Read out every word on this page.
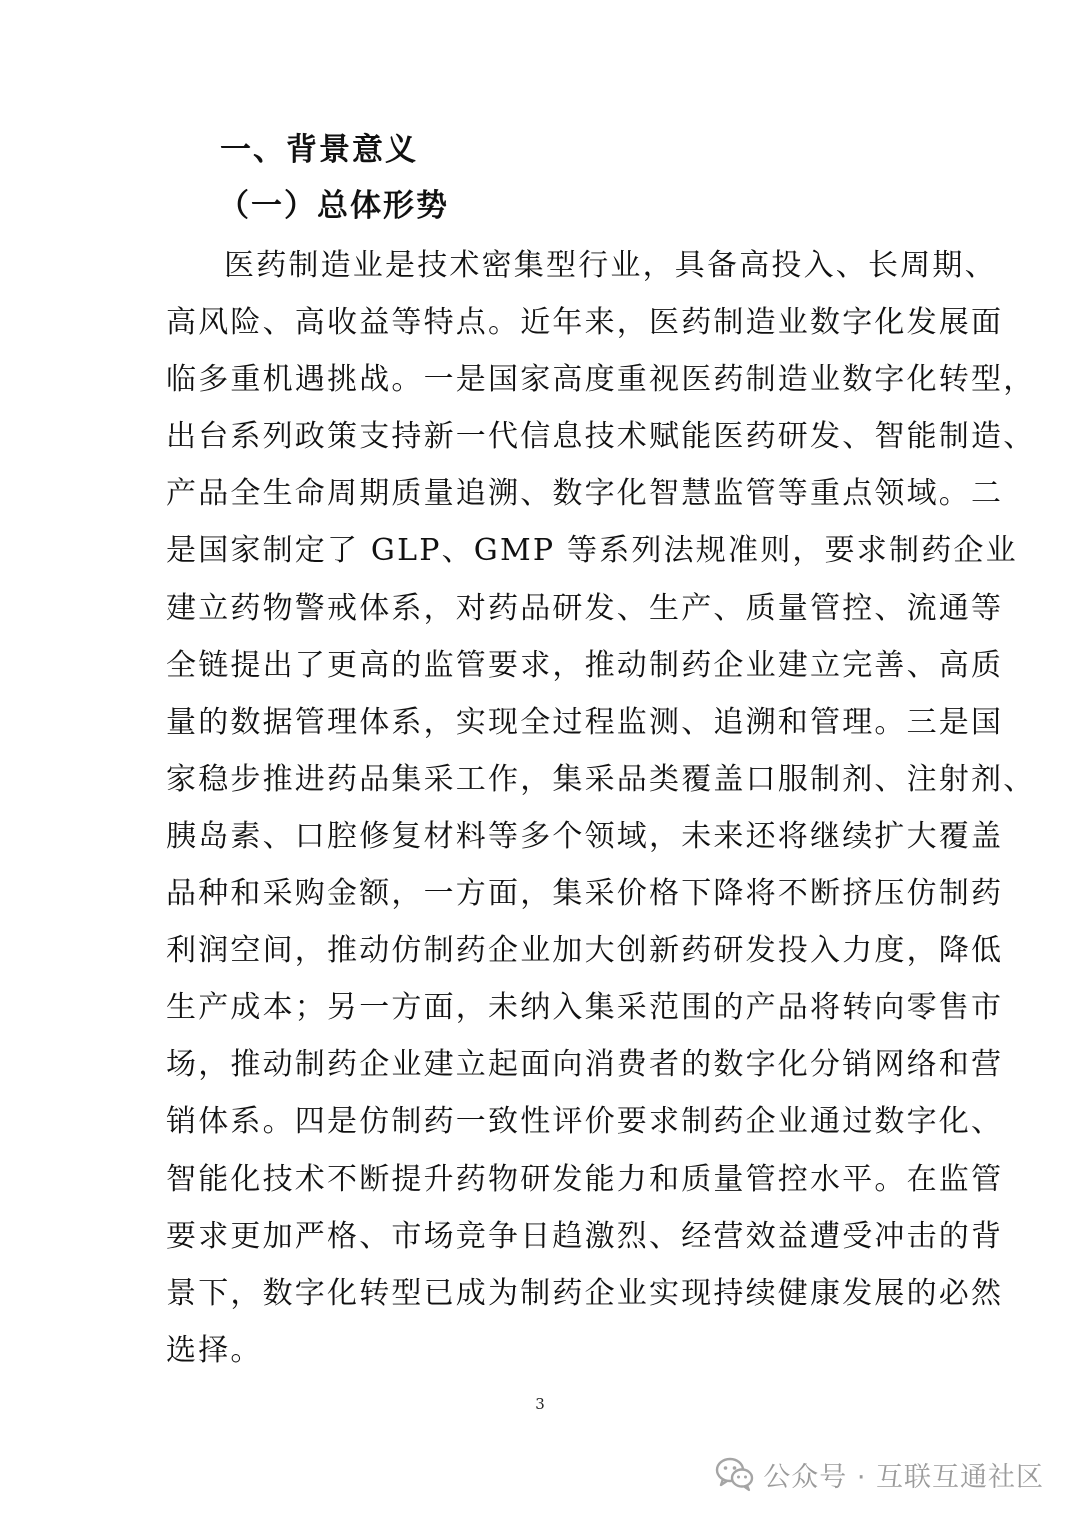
一、背景意义
（一）总体形势
医药制造业是技术密集型行业，具备高投入、长周期、
高风险、高收益等特点。近年来，医药制造业数字化发展面
临多重机遇挑战。一是国家高度重视医药制造业数字化转型，
出台系列政策支持新一代信息技术赋能医药研发、智能制造、
产品全生命周期质量追溯、数字化智慧监管等重点领域。二
是国家制定了 GLP、GMP 等系列法规准则，要求制药企业
建立药物警戒体系，对药品研发、生产、质量管控、流通等
全链提出了更高的监管要求，推动制药企业建立完善、高质
量的数据管理体系，实现全过程监测、追溯和管理。三是国
家稳步推进药品集采工作，集采品类覆盖口服制剂、注射剂、
胰岛素、口腔修复材料等多个领域，未来还将继续扩大覆盖
品种和采购金额，一方面，集采价格下降将不断挤压仿制药
利润空间，推动仿制药企业加大创新药研发投入力度，降低
生产成本；另一方面，未纳入集采范围的产品将转向零售市
场，推动制药企业建立起面向消费者的数字化分销网络和营
销体系。四是仿制药一致性评价要求制药企业通过数字化、
智能化技术不断提升药物研发能力和质量管控水平。在监管
要求更加严格、市场竞争日趋激烈、经营效益遭受冲击的背
景下，数字化转型已成为制药企业实现持续健康发展的必然
选择。
3
公众号 · 互联互通社区
